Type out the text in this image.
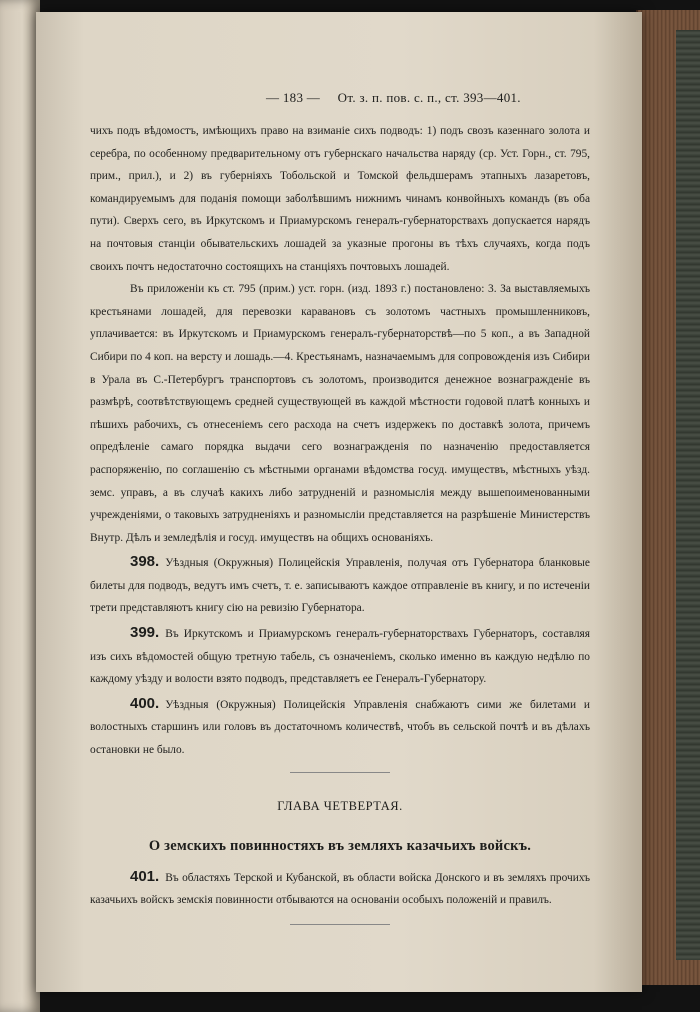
— 183 — От. з. п. пов. с. п., ст. 393—401.

чихъ подъ вѣдомостъ, имѣющихъ право на взиманіе сихъ подводъ: 1) подъ свозъ казеннаго золота и серебра, по особенному предварительному отъ губернскаго начальства наряду (ср. Уст. Горн., ст. 795, прим., прил.), и 2) въ губерніяхъ Тобольской и Томской фельдшерамъ этапныхъ лазаретовъ, командируемымъ для поданія помощи заболѣвшимъ нижнимъ чинамъ конвойныхъ командъ (въ оба пути). Сверхъ сего, въ Иркутскомъ и Приамурскомъ генералъ-губернаторствахъ допускается нарядъ на почтовыя станціи обывательскихъ лошадей за указные прогоны въ тѣхъ случаяхъ, когда подъ своихъ почтъ недостаточно состоящихъ на станціяхъ почтовыхъ лошадей.

Въ приложеніи къ ст. 795 (прим.) уст. горн. (изд. 1893 г.) постановлено: 3. За выставляемыхъ крестьянами лошадей, для перевозки каравановъ съ золотомъ частныхъ промышленниковъ, уплачивается: въ Иркутскомъ и Приамурскомъ генералъ-губернаторствѣ—по 5 коп., а въ Западной Сибири по 4 коп. на версту и лошадь.—4. Крестьянамъ, назначаемымъ для сопровожденія изъ Сибири в Урала въ С.-Петербургъ транспортовъ съ золотомъ, производится денежное вознагражденіе въ размѣрѣ, соотвѣтствующемъ средней существующей въ каждой мѣстности годовой платѣ конныхъ и пѣшихъ рабочихъ, съ отнесеніемъ сего расхода на счетъ издержекъ по доставкѣ золота, причемъ опредѣленіе самаго порядка выдачи сего вознагражденія по назначенію предоставляется распоряженію, по соглашенію съ мѣстными органами вѣдомства госуд. имуществъ, мѣстныхъ уѣзд. земс. управъ, а въ случаѣ какихъ либо затрудненій и разномыслія между вышепоименованными учрежденіями, о таковыхъ затрудненіяхъ и разномысліи представляется на разрѣшеніе Министерствъ Внутр. Дѣлъ и земледѣлія и госуд. имуществъ на общихъ основаніяхъ.

398. Уѣздныя (Окружныя) Полицейскія Управленія, получая отъ Губернатора бланковые билеты для подводъ, ведутъ имъ счетъ, т. е. записываютъ каждое отправленіе въ книгу, и по истеченіи трети представляютъ книгу сію на ревизію Губернатора.

399. Въ Иркутскомъ и Приамурскомъ генералъ-губернаторствахъ Губернаторъ, составляя изъ сихъ вѣдомостей общую третную табель, съ означеніемъ, сколько именно въ каждую недѣлю по каждому уѣзду и волости взято подводъ, представляетъ ее Генералъ-Губернатору.

400. Уѣздныя (Окружныя) Полицейскія Управленія снабжаютъ сими же билетами и волостныхъ старшинъ или головъ въ достаточномъ количествѣ, чтобъ въ сельской почтѣ и въ дѣлахъ остановки не было.

ГЛАВА ЧЕТВЕРТАЯ.
О земскихъ повинностяхъ въ земляхъ казачьихъ войскъ.

401. Въ областяхъ Терской и Кубанской, въ области войска Донского и въ земляхъ прочихъ казачьихъ войскъ земскія повинности отбываются на основаніи особыхъ положеній и правилъ.
